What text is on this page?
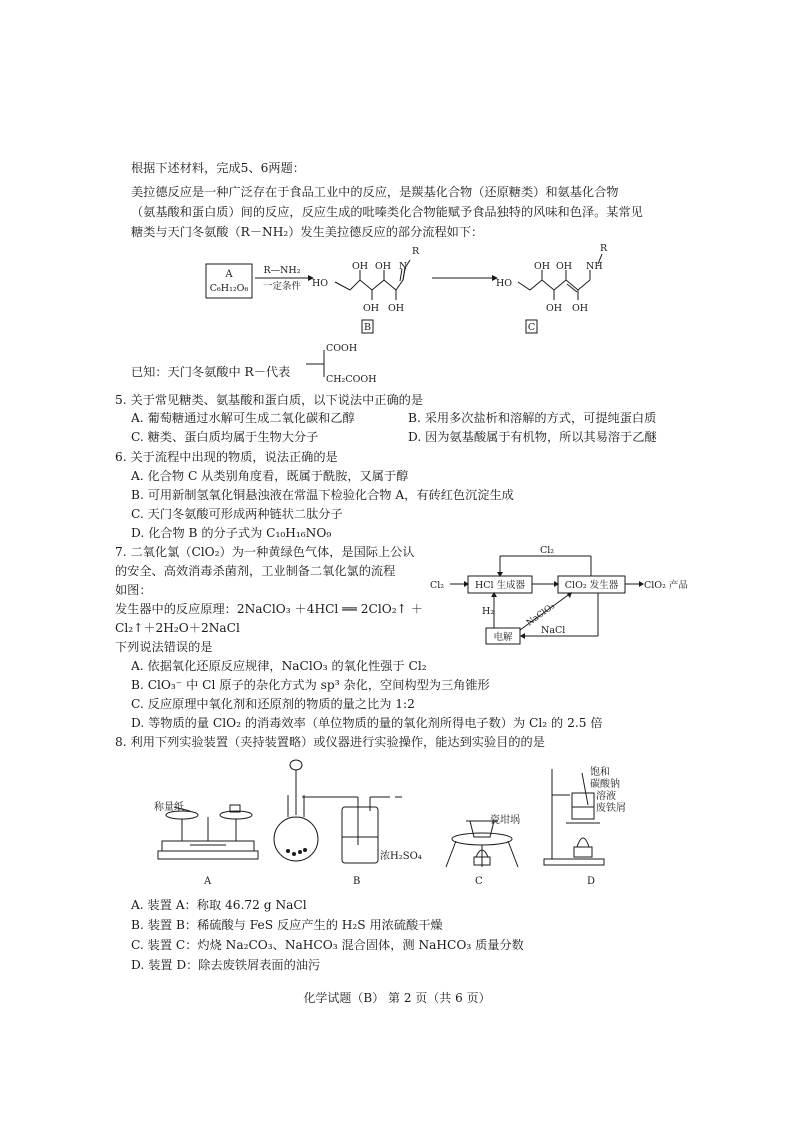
根据下述材料，完成5、6两题：
美拉德反应是一种广泛存在于食品工业中的反应，是羰基化合物（还原糖类）和氨基化合物
（氨基酸和蛋白质）间的反应，反应生成的吡嗪类化合物能赋予食品独特的风味和色泽。某常见
糖类与天门冬氨酸（R－NH₂）发生美拉德反应的部分流程如下：
A
C₆H₁₂O₆
R—NH₂
一定条件 HO
OH OH
OH OH
N
R
B
HO
OH OH
OH OH
NH
R
C
已知：天门冬氨酸中 R－代表
COOH
CH₂COOH
5. 关于常见糖类、氨基酸和蛋白质，以下说法中正确的是
A. 葡萄糖通过水解可生成二氧化碳和乙醇	B. 采用多次盐析和溶解的方式，可提纯蛋白质
C. 糖类、蛋白质均属于生物大分子	D. 因为氨基酸属于有机物，所以其易溶于乙醚
6. 关于流程中出现的物质，说法正确的是
A. 化合物 C 从类别角度看，既属于酰胺，又属于醇
B. 可用新制氢氧化铜悬浊液在常温下检验化合物 A，有砖红色沉淀生成
C. 天门冬氨酸可形成两种链状二肽分子
D. 化合物 B 的分子式为 C₁₀H₁₆NO₉
7. 二氧化氯（ClO₂）为一种黄绿色气体，是国际上公认
的安全、高效消毒杀菌剂，工业制备二氧化氯的流程
如图：
发生器中的反应原理：2NaClO₃ ＋4HCl ══ 2ClO₂↑ ＋
Cl₂↑＋2H₂O＋2NaCl
下列说法错误的是
Cl₂
Cl₂	HCl 生成器	ClO₂ 发生器	ClO₂ 产品
H₂	NaClO₃
NaCl
电解
A. 依据氧化还原反应规律，NaClO₃ 的氧化性强于 Cl₂
B. ClO₃⁻ 中 Cl 原子的杂化方式为 sp³ 杂化，空间构型为三角锥形
C. 反应原理中氧化剂和还原剂的物质的量之比为 1:2
D. 等物质的量 ClO₂ 的消毒效率（单位物质的量的氧化剂所得电子数）为 Cl₂ 的 2.5 倍
8. 利用下列实验装置（夹持装置略）或仪器进行实验操作，能达到实验目的的是
称量纸
A
浓H₂SO₄
B
瓷坩埚
C
饱和
碳酸钠
溶液
废铁屑
D
A. 装置 A：称取 46.72 g NaCl
B. 装置 B：稀硫酸与 FeS 反应产生的 H₂S 用浓硫酸干燥
C. 装置 C：灼烧 Na₂CO₃、NaHCO₃ 混合固体，测 NaHCO₃ 质量分数
D. 装置 D：除去废铁屑表面的油污
化学试题（B） 第 2 页（共 6 页）
